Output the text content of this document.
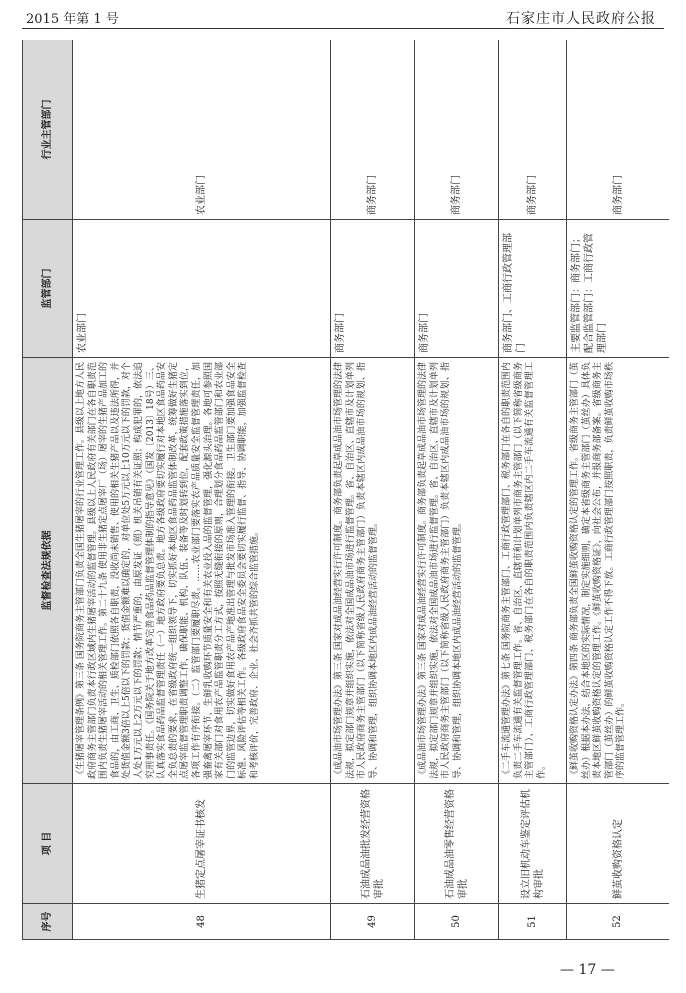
2015 年第 1 号	石家庄市人民政府公报
序号	项 目	监督检查法规依据	监管部门	行业主管部门
48	生猪定点屠宰证书核发	《生猪屠宰管理条例》第三条 国务院商务主管部门负责全国生猪屠宰的行业管理工作。县级以上地方人民政府商务主管部门负责本行政区域内生猪屠宰活动的监督管理。县级以上人民政府有关部门在各自职责范围内负责生猪屠宰活动的相关管理工作。第二十九条 使用非生猪定点屠宰厂（场）屠宰的生猪产品加工的食品的，由工商、卫生、质检部门依照各自职责，没收尚未销售、使用的相关生猪产品以及违法所得，并处货值金额3倍以上5倍以下的罚款；货值金额难以确定的，对单位处5万元以上10万元以下的罚款，对个人处1万元以上2万元以下的罚款；情节严重的，由原发证（照）机关吊销有关证照；构成犯罪的，依法追究刑事责任。《国务院关于地方改革完善食品药品监督管理体制的指导意见》（国发〔2013〕18号）三、认真落实食品药品监督管理责任（一）地方政府要负总责。地方各级政府要切实履行对本地区食品药品安全负总责的要求，在省级政府统一组织领导下，切实抓好本地区食品药品监管体制改革，统筹做好生猪定点屠宰监督管理职责调整工作，确保职能、机构、队伍、装备等及时划转到位，配套政策措施落实到位，各项工作有序衔接。（二）监管部门要履职尽责。……农业部门要落实农产品质量安全监督管理责任，加强畜禽屠宰环节、生鲜乳收购环节质量安全和有关农业投入品的监督管理，强化源头治理。各地可参照国家有关部门对食用农产品监管职责分工方式，按照无缝衔接的原则，合理划分食品药品监管部门和农业部门的监管边界，切实做好食用农产品产地准出管理与批发市场准入管理的衔接。卫生部门要加强食品安全标准、风险评估等相关工作。各级政府食品安全委员会要切实履行监督、指导、协调职能，加强监督检查和考核评价，完善政府、企业、社会齐抓共管的综合监管措施。	农业部门	农业部门
49	石油成品油批发经营资格审批	《成品油市场管理办法》第三条 国家对成品油经营实行许可制度。商务部负责起草成品油市场管理的法律法规，拟定部门规章并组织实施，依法对全国成品油市场进行监督管理。省、自治区、直辖市及计划单列市人民政府商务主管部门（以下简称省级人民政府商务主管部门）负责本辖区内成品油市场的规划、指导、协调和管理，组织协调本地区内成品油经营活动的监督管理。	商务部门	商务部门
50	石油成品油零售经营资格审批	《成品油市场管理办法》第三条 国家对成品油经营实行许可制度。商务部负责起草成品油市场管理的法律法规，拟定部门规章并组织实施，依法对全国成品油市场进行监督管理。省、自治区、直辖市及计划单列市人民政府商务主管部门（以下简称省级人民政府商务主管部门）负责本辖区内成品油市场的规划、指导、协调和管理，组织协调本地区内成品油经营活动的监督管理。	商务部门	商务部门
51	设立旧机动车鉴定评估机构审批	《二手车流通管理办法》第七条 国务院商务主管部门、工商行政管理部门、税务部门在各自的职责范围内负责二手车流通有关监督管理工作。省、自治区、直辖市和计划单列市商务主管部门（以下简称省级商务主管部门）、工商行政管理部门、税务部门在各自的职责范围内负责辖区内二手车流通有关监督管理工作。	商务部门、工商行政管理部门	商务部门
52	鲜茧收购资格认定	《鲜茧收购资格认定办法》第四条 商务部负责全国鲜茧收购资格认定的管理工作。省级商务主管部门（茧丝办）根据本办法，结合本地区的实际情况，制定实施细则，确定本省级商务主管部门（茧丝办）具体负责本地区鲜茧收购资格认定的管理工作。《鲜茧收购资格证》，向社会公布，并报商务部备案。省级商务主管部门（茧丝办）的鲜茧收购资格认定工作不得下放。工商行政管理部门按照职责，负责鲜茧收购市场秩序的监督管理工作。	主要监管部门：商务部门；配合监管部门：工商行政管理部门	商务部门
— 17 —
